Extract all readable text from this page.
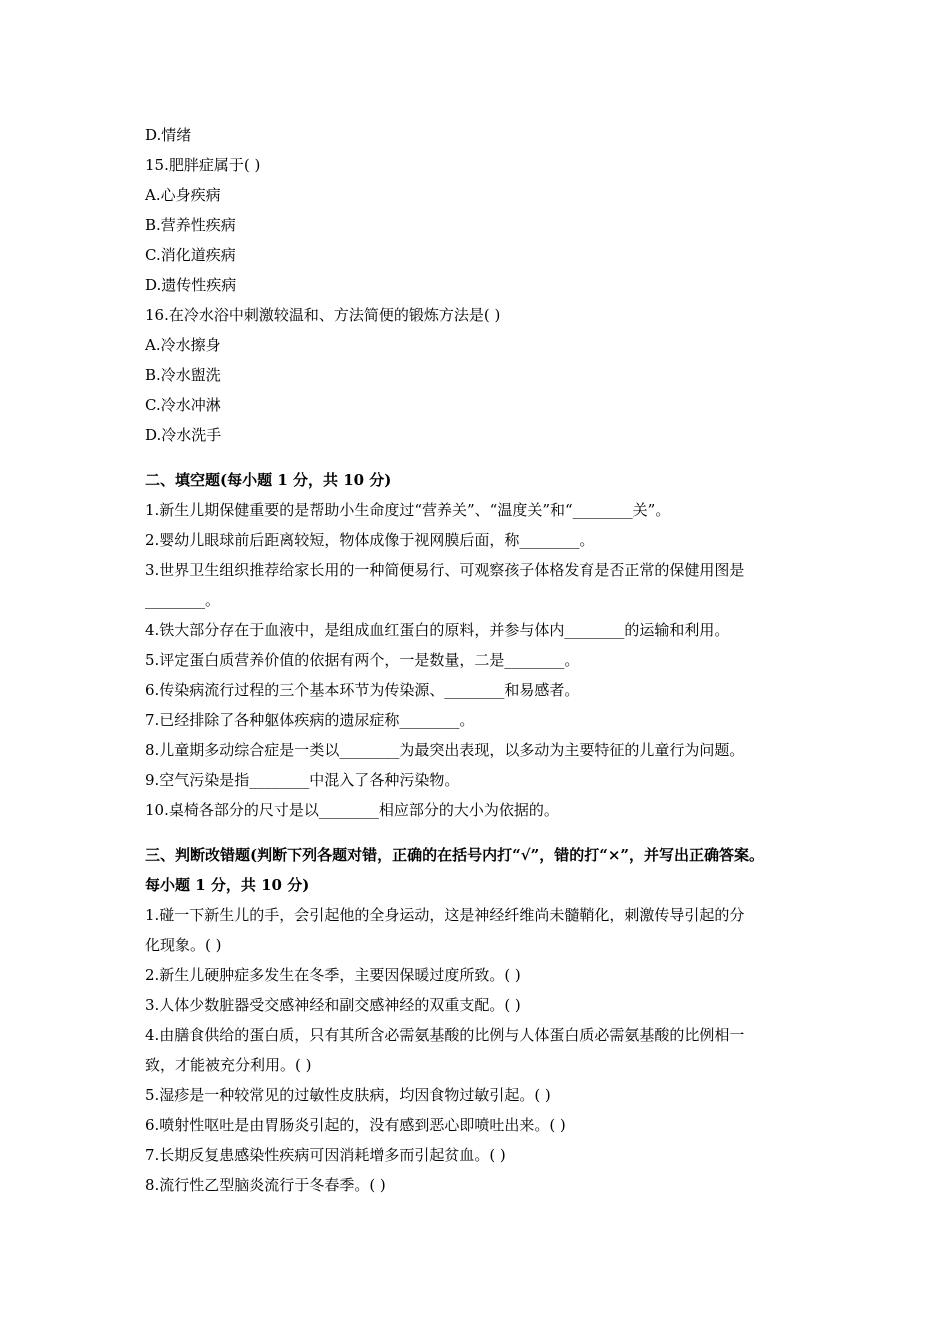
D.情绪
15.肥胖症属于( )
A.心身疾病
B.营养性疾病
C.消化道疾病
D.遗传性疾病
16.在冷水浴中刺激较温和、方法简便的锻炼方法是( )
A.冷水擦身
B.冷水盥洗
C.冷水冲淋
D.冷水洗手
二、填空题(每小题 1 分，共 10 分)
1.新生儿期保健重要的是帮助小生命度过“营养关”、“温度关”和“________关”。
2.婴幼儿眼球前后距离较短，物体成像于视网膜后面，称________。
3.世界卫生组织推荐给家长用的一种简便易行、可观察孩子体格发育是否正常的保健用图是
________。
4.铁大部分存在于血液中，是组成血红蛋白的原料，并参与体内________的运输和利用。
5.评定蛋白质营养价值的依据有两个，一是数量，二是________。
6.传染病流行过程的三个基本环节为传染源、________和易感者。
7.已经排除了各种躯体疾病的遗尿症称________。
8.儿童期多动综合症是一类以________为最突出表现，以多动为主要特征的儿童行为问题。
9.空气污染是指________中混入了各种污染物。
10.桌椅各部分的尺寸是以________相应部分的大小为依据的。
三、判断改错题(判断下列各题对错，正确的在括号内打“√”，错的打“×”，并写出正确答案。
每小题 1 分，共 10 分)
1.碰一下新生儿的手，会引起他的全身运动，这是神经纤维尚未髓鞘化，刺激传导引起的分
化现象。( )
2.新生儿硬肿症多发生在冬季，主要因保暖过度所致。( )
3.人体少数脏器受交感神经和副交感神经的双重支配。( )
4.由膳食供给的蛋白质，只有其所含必需氨基酸的比例与人体蛋白质必需氨基酸的比例相一
致，才能被充分利用。( )
5.湿疹是一种较常见的过敏性皮肤病，均因食物过敏引起。( )
6.喷射性呕吐是由胃肠炎引起的，没有感到恶心即喷吐出来。( )
7.长期反复患感染性疾病可因消耗增多而引起贫血。( )
8.流行性乙型脑炎流行于冬春季。( )
